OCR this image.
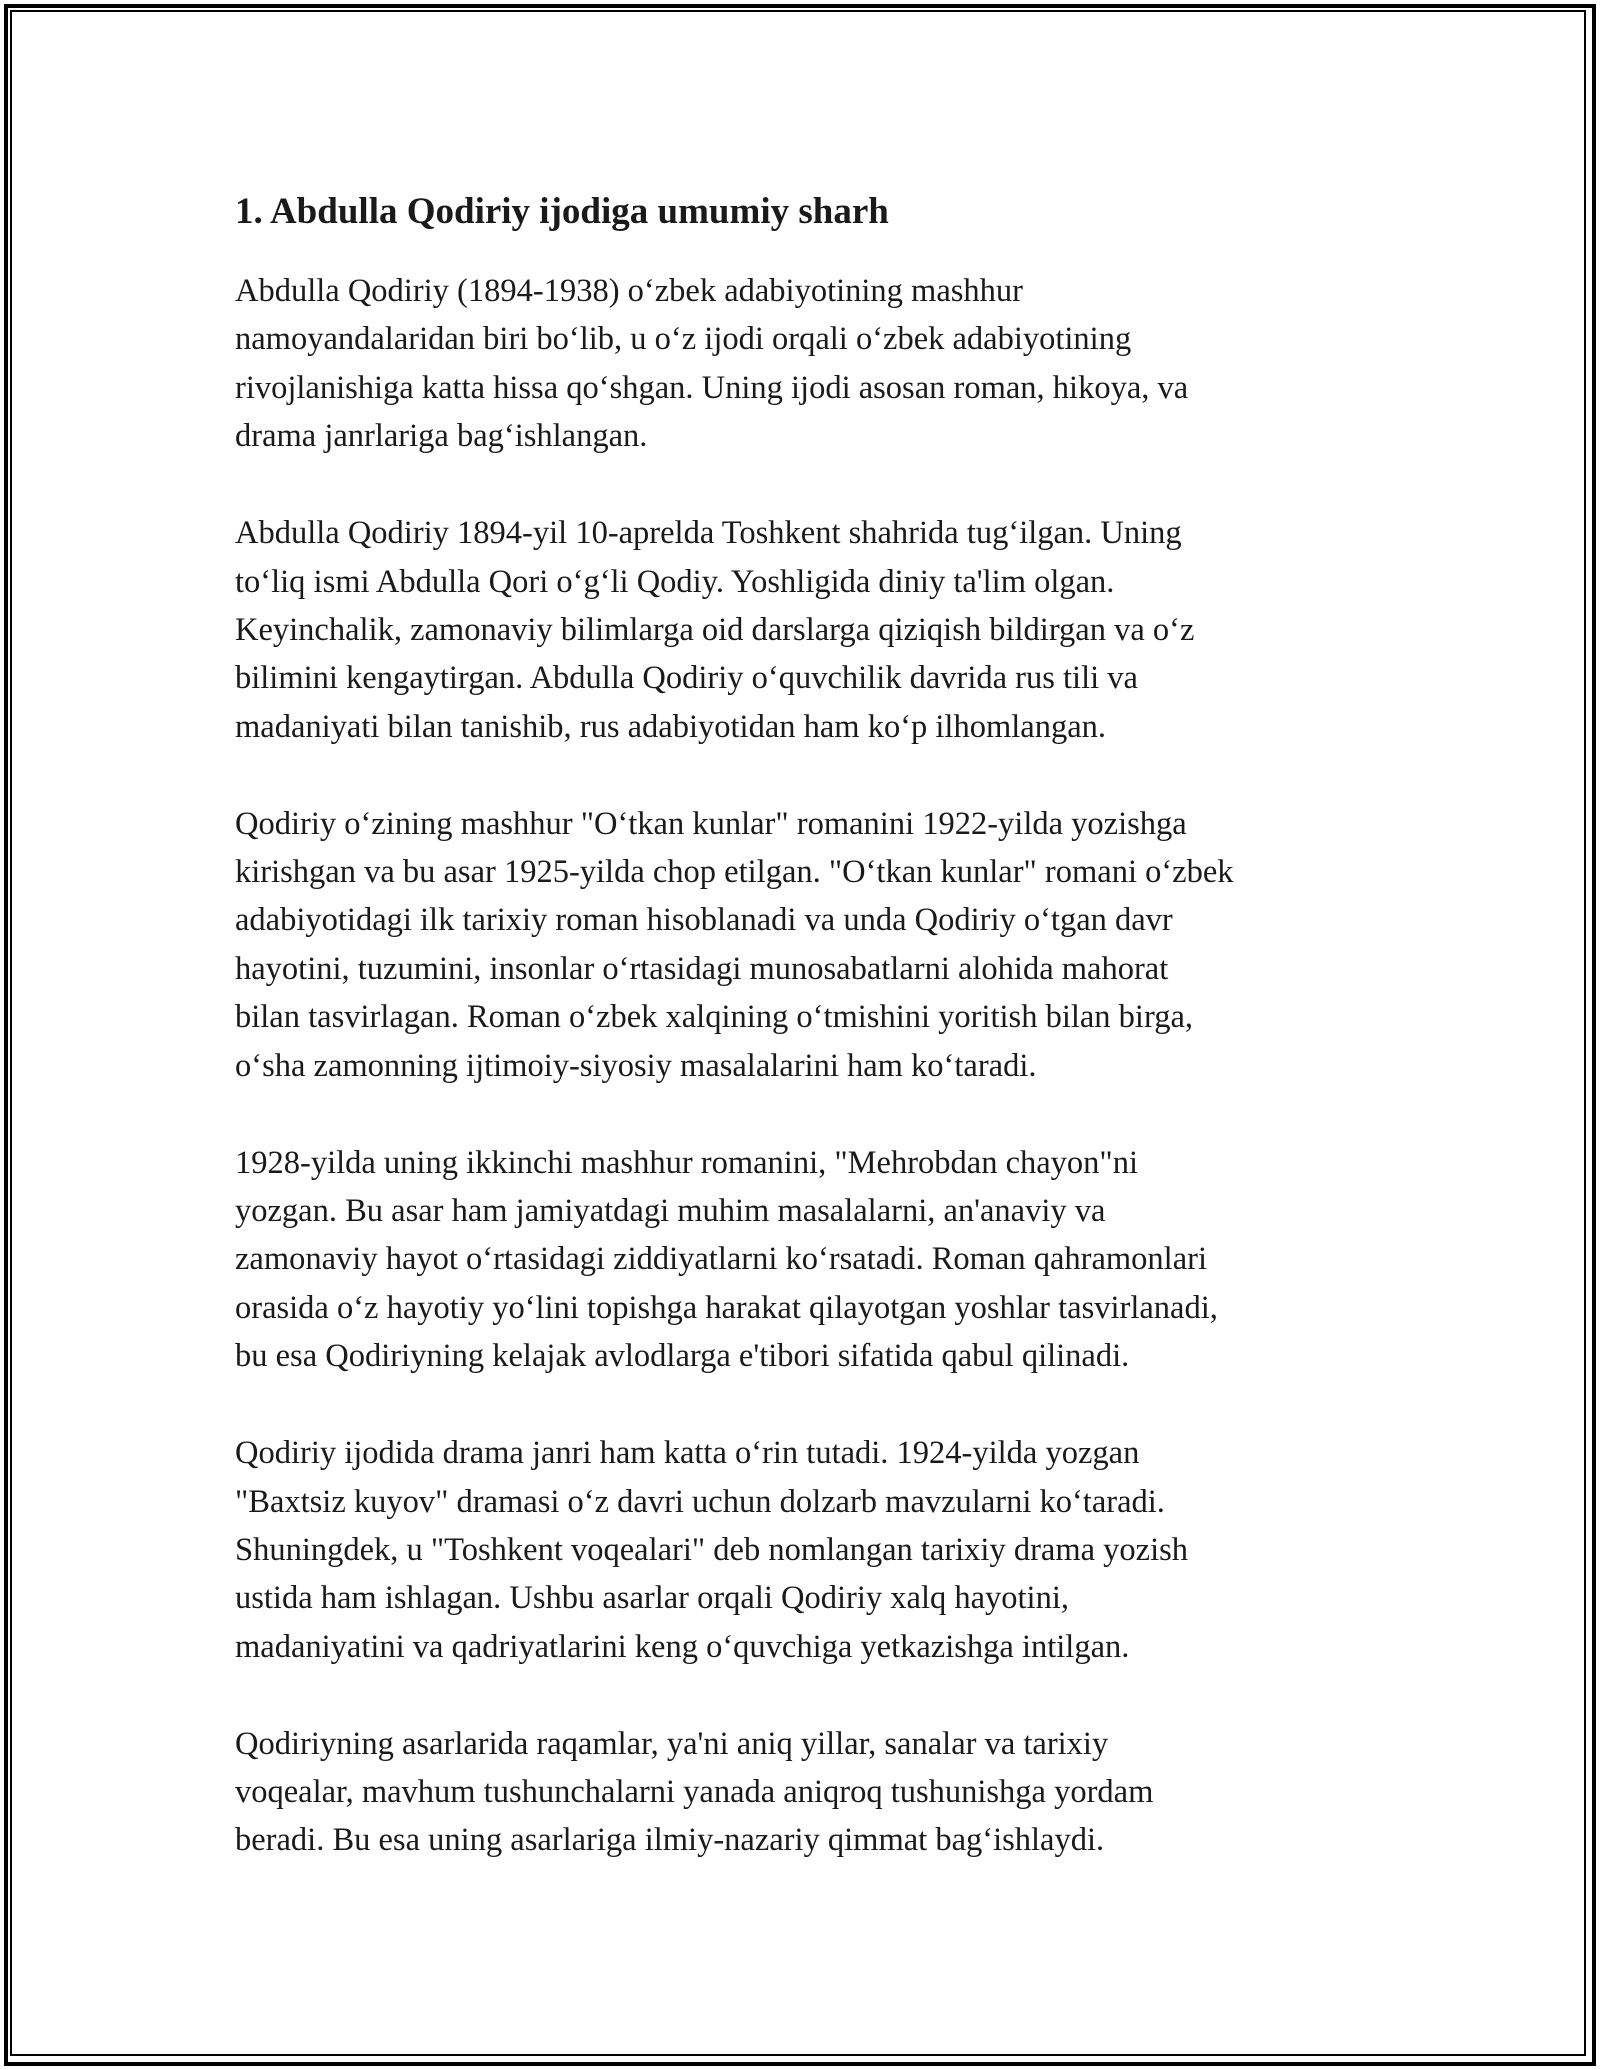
1. Abdulla Qodiriy ijodiga umumiy sharh

Abdulla Qodiriy (1894-1938) o‘zbek adabiyotining mashhur
namoyandalaridan biri bo‘lib, u o‘z ijodi orqali o‘zbek adabiyotining
rivojlanishiga katta hissa qo‘shgan. Uning ijodi asosan roman, hikoya, va
drama janrlariga bag‘ishlangan.

Abdulla Qodiriy 1894-yil 10-aprelda Toshkent shahrida tug‘ilgan. Uning
to‘liq ismi Abdulla Qori o‘g‘li Qodiy. Yoshligida diniy ta'lim olgan.
Keyinchalik, zamonaviy bilimlarga oid darslarga qiziqish bildirgan va o‘z
bilimini kengaytirgan. Abdulla Qodiriy o‘quvchilik davrida rus tili va
madaniyati bilan tanishib, rus adabiyotidan ham ko‘p ilhomlangan.

Qodiriy o‘zining mashhur "O‘tkan kunlar" romanini 1922-yilda yozishga
kirishgan va bu asar 1925-yilda chop etilgan. "O‘tkan kunlar" romani o‘zbek
adabiyotidagi ilk tarixiy roman hisoblanadi va unda Qodiriy o‘tgan davr
hayotini, tuzumini, insonlar o‘rtasidagi munosabatlarni alohida mahorat
bilan tasvirlagan. Roman o‘zbek xalqining o‘tmishini yoritish bilan birga,
o‘sha zamonning ijtimoiy-siyosiy masalalarini ham ko‘taradi.

1928-yilda uning ikkinchi mashhur romanini, "Mehrobdan chayon"ni
yozgan. Bu asar ham jamiyatdagi muhim masalalarni, an'anaviy va
zamonaviy hayot o‘rtasidagi ziddiyatlarni ko‘rsatadi. Roman qahramonlari
orasida o‘z hayotiy yo‘lini topishga harakat qilayotgan yoshlar tasvirlanadi,
bu esa Qodiriyning kelajak avlodlarga e'tibori sifatida qabul qilinadi.

Qodiriy ijodida drama janri ham katta o‘rin tutadi. 1924-yilda yozgan
"Baxtsiz kuyov" dramasi o‘z davri uchun dolzarb mavzularni ko‘taradi.
Shuningdek, u "Toshkent voqealari" deb nomlangan tarixiy drama yozish
ustida ham ishlagan. Ushbu asarlar orqali Qodiriy xalq hayotini,
madaniyatini va qadriyatlarini keng o‘quvchiga yetkazishga intilgan.

Qodiriyning asarlarida raqamlar, ya'ni aniq yillar, sanalar va tarixiy
voqealar, mavhum tushunchalarni yanada aniqroq tushunishga yordam
beradi. Bu esa uning asarlariga ilmiy-nazariy qimmat bag‘ishlaydi.
